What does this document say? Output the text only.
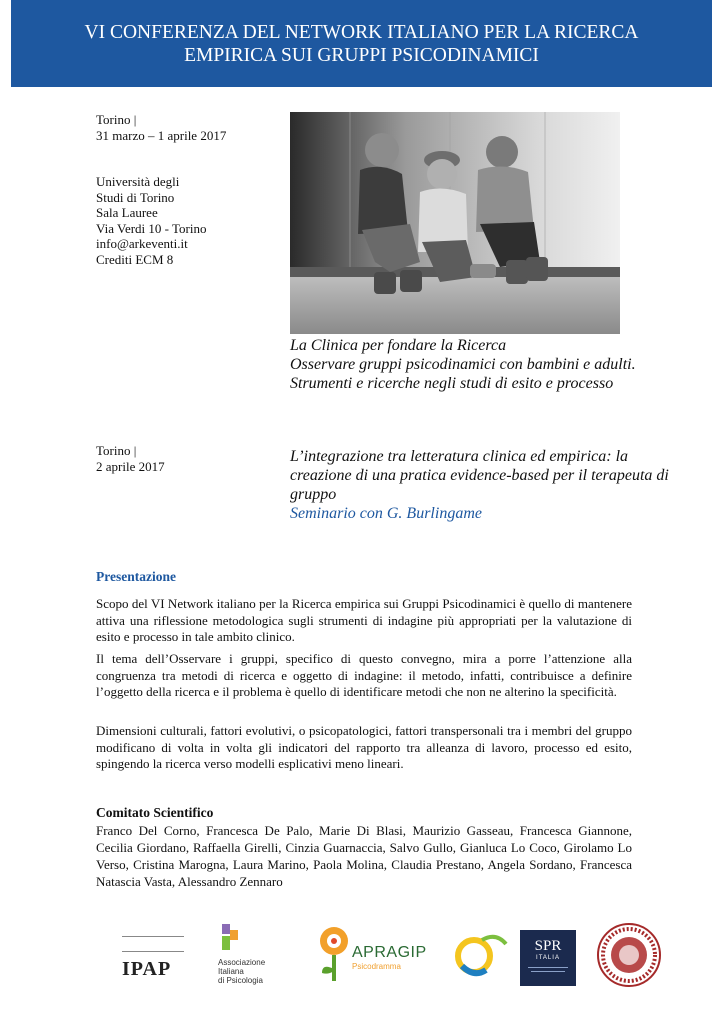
VI CONFERENZA DEL NETWORK ITALIANO PER LA RICERCA
EMPIRICA SUI GRUPPI PSICODINAMICI
Torino |
31 marzo – 1 aprile 2017
Università degli
Studi di Torino
Sala Lauree
Via Verdi 10 - Torino
info@arkeventi.it
Crediti ECM 8
La Clinica per fondare la Ricerca
Osservare gruppi psicodinamici con bambini e adulti. Strumenti e ricerche negli studi di esito e processo
Torino |
2 aprile 2017
L’integrazione tra letteratura clinica ed empirica: la creazione di una pratica evidence-based per il terapeuta di gruppo
Seminario con G. Burlingame
Presentazione

Scopo del VI Network italiano per la Ricerca empirica sui Gruppi Psicodinamici è quello di mantenere attiva una riflessione metodologica sugli strumenti di indagine più appropriati per la valutazione di esito e processo in tale ambito clinico.

Il tema dell’Osservare i gruppi, specifico di questo convegno, mira a porre l’attenzione alla congruenza tra metodi di ricerca e oggetto di indagine: il metodo, infatti, contribuisce a definire l’oggetto della ricerca e il problema è quello di identificare metodi che non ne alterino la specificità.

Dimensioni culturali, fattori evolutivi, o psicopatologici, fattori transpersonali tra i membri del gruppo modificano di volta in volta gli indicatori del rapporto tra alleanza di lavoro, processo ed esito, spingendo la ricerca verso modelli esplicativi meno lineari.

Comitato Scientifico

Franco Del Corno, Francesca De Palo, Marie Di Blasi, Maurizio Gasseau, Francesca Giannone, Cecilia Giordano, Raffaella Girelli, Cinzia Guarnaccia, Salvo Gullo, Gianluca Lo Coco, Girolamo Lo Verso, Cristina Marogna, Laura Marino, Paola Molina, Claudia Prestano, Angela Sordano, Francesca Natascia Vasta, Alessandro Zennaro

IPAP	Associazione
Italiana
di Psicologia
APRAGIP
Psicodramma
SPR
ITALIA
